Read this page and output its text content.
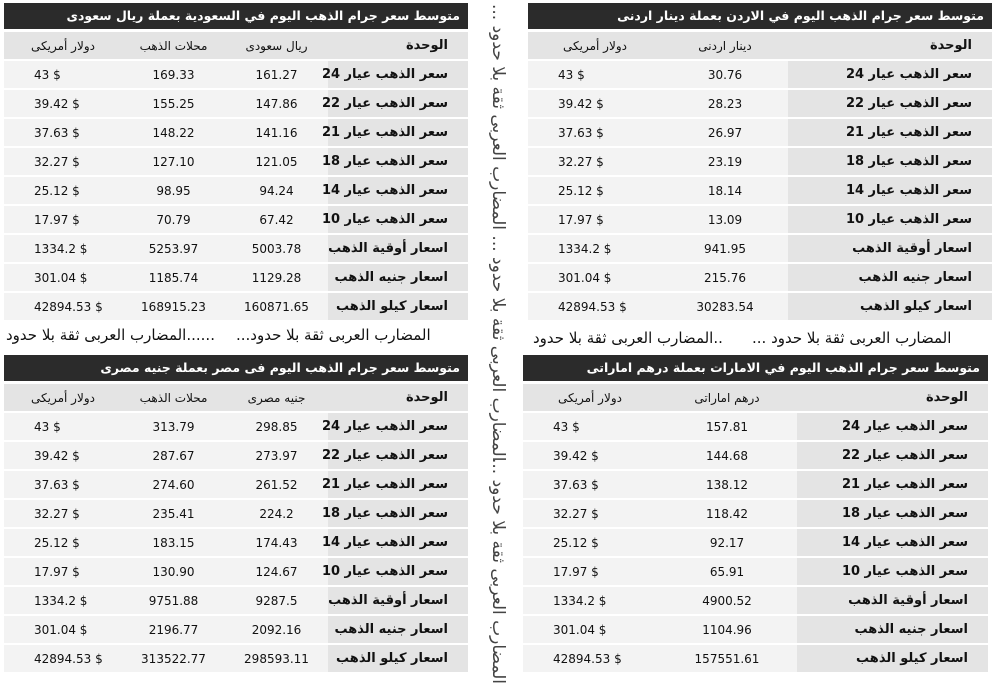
متوسط سعر جرام الذهب اليوم في السعودية بعملة ريال سعودى
دولار أمريكى	محلات الذهب	ريال سعودى	الوحدة
43 $	169.33	161.27	سعر الذهب عيار 24
39.42 $	155.25	147.86	سعر الذهب عيار 22
37.63 $	148.22	141.16	سعر الذهب عيار 21
32.27 $	127.10	121.05	سعر الذهب عيار 18
25.12 $	98.95	94.24	سعر الذهب عيار 14
17.97 $	70.79	67.42	سعر الذهب عيار 10
1334.2 $	5253.97	5003.78	اسعار أوقية الذهب
301.04 $	1185.74	1129.28	اسعار جنيه الذهب
42894.53 $	168915.23	160871.65	اسعار كيلو الذهب
متوسط سعر جرام الذهب اليوم في الاردن بعملة دينار اردنى
دولار أمريكى	دينار اردنى	الوحدة
43 $	30.76	سعر الذهب عيار 24
39.42 $	28.23	سعر الذهب عيار 22
37.63 $	26.97	سعر الذهب عيار 21
32.27 $	23.19	سعر الذهب عيار 18
25.12 $	18.14	سعر الذهب عيار 14
17.97 $	13.09	سعر الذهب عيار 10
1334.2 $	941.95	اسعار أوقية الذهب
301.04 $	215.76	اسعار جنيه الذهب
42894.53 $	30283.54	اسعار كيلو الذهب
متوسط سعر جرام الذهب اليوم فى مصر بعملة جنيه مصرى
دولار أمريكى	محلات الذهب	جنيه مصرى	الوحدة
43 $	313.79	298.85	سعر الذهب عيار 24
39.42 $	287.67	273.97	سعر الذهب عيار 22
37.63 $	274.60	261.52	سعر الذهب عيار 21
32.27 $	235.41	224.2	سعر الذهب عيار 18
25.12 $	183.15	174.43	سعر الذهب عيار 14
17.97 $	130.90	124.67	سعر الذهب عيار 10
1334.2 $	9751.88	9287.5	اسعار أوقية الذهب
301.04 $	2196.77	2092.16	اسعار جنيه الذهب
42894.53 $	313522.77	298593.11	اسعار كيلو الذهب
متوسط سعر جرام الذهب اليوم في الامارات بعملة درهم اماراتى
دولار أمريكى	درهم اماراتى	الوحدة
43 $	157.81	سعر الذهب عيار 24
39.42 $	144.68	سعر الذهب عيار 22
37.63 $	138.12	سعر الذهب عيار 21
32.27 $	118.42	سعر الذهب عيار 18
25.12 $	92.17	سعر الذهب عيار 14
17.97 $	65.91	سعر الذهب عيار 10
1334.2 $	4900.52	اسعار أوقية الذهب
301.04 $	1104.96	اسعار جنيه الذهب
42894.53 $	157551.61	اسعار كيلو الذهب
......المضارب العربى ثقة بلا حدود المضارب العربى ثقة بلا حدود...	..المضارب العربى ثقة بلا حدود المضارب العربى ثقة بلا حدود ...
المضارب العربى ثقة بلا حدود ... المضارب العربى ثقة بلا حدود ...
المضارب العربى ثقة بلا حدود ...
